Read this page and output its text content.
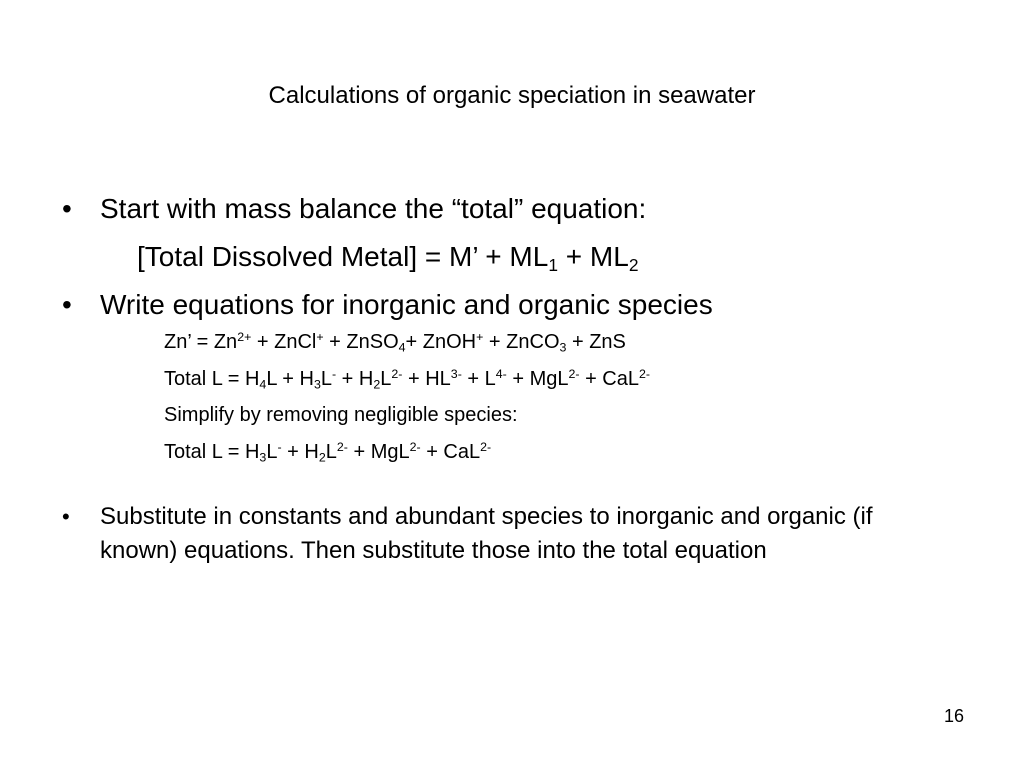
Calculations of organic speciation in seawater
• Start with mass balance the “total” equation:
[Total Dissolved Metal] = M’ + $ML_1 + ML_2$
• Write equations for inorganic and organic species
Zn’ = $Zn^{2+}$ + ZnCl+ + ZnSO$_4$+ ZnOH+ + ZnCO$_3$ + ZnS
Total $L = H_4L + H_3L^- + H_2L^{2-} + HL^{3-} + L^{4-} + MgL^{2-} + CaL^{2-}$
Simplify by removing negligible species:
Total $L = H_3L^- + H_2L^{2-} + MgL^{2-} + CaL^{2-}$
• Substitute in constants and abundant species to inorganic and organic (if known) equations. Then substitute those into the total equation
16
